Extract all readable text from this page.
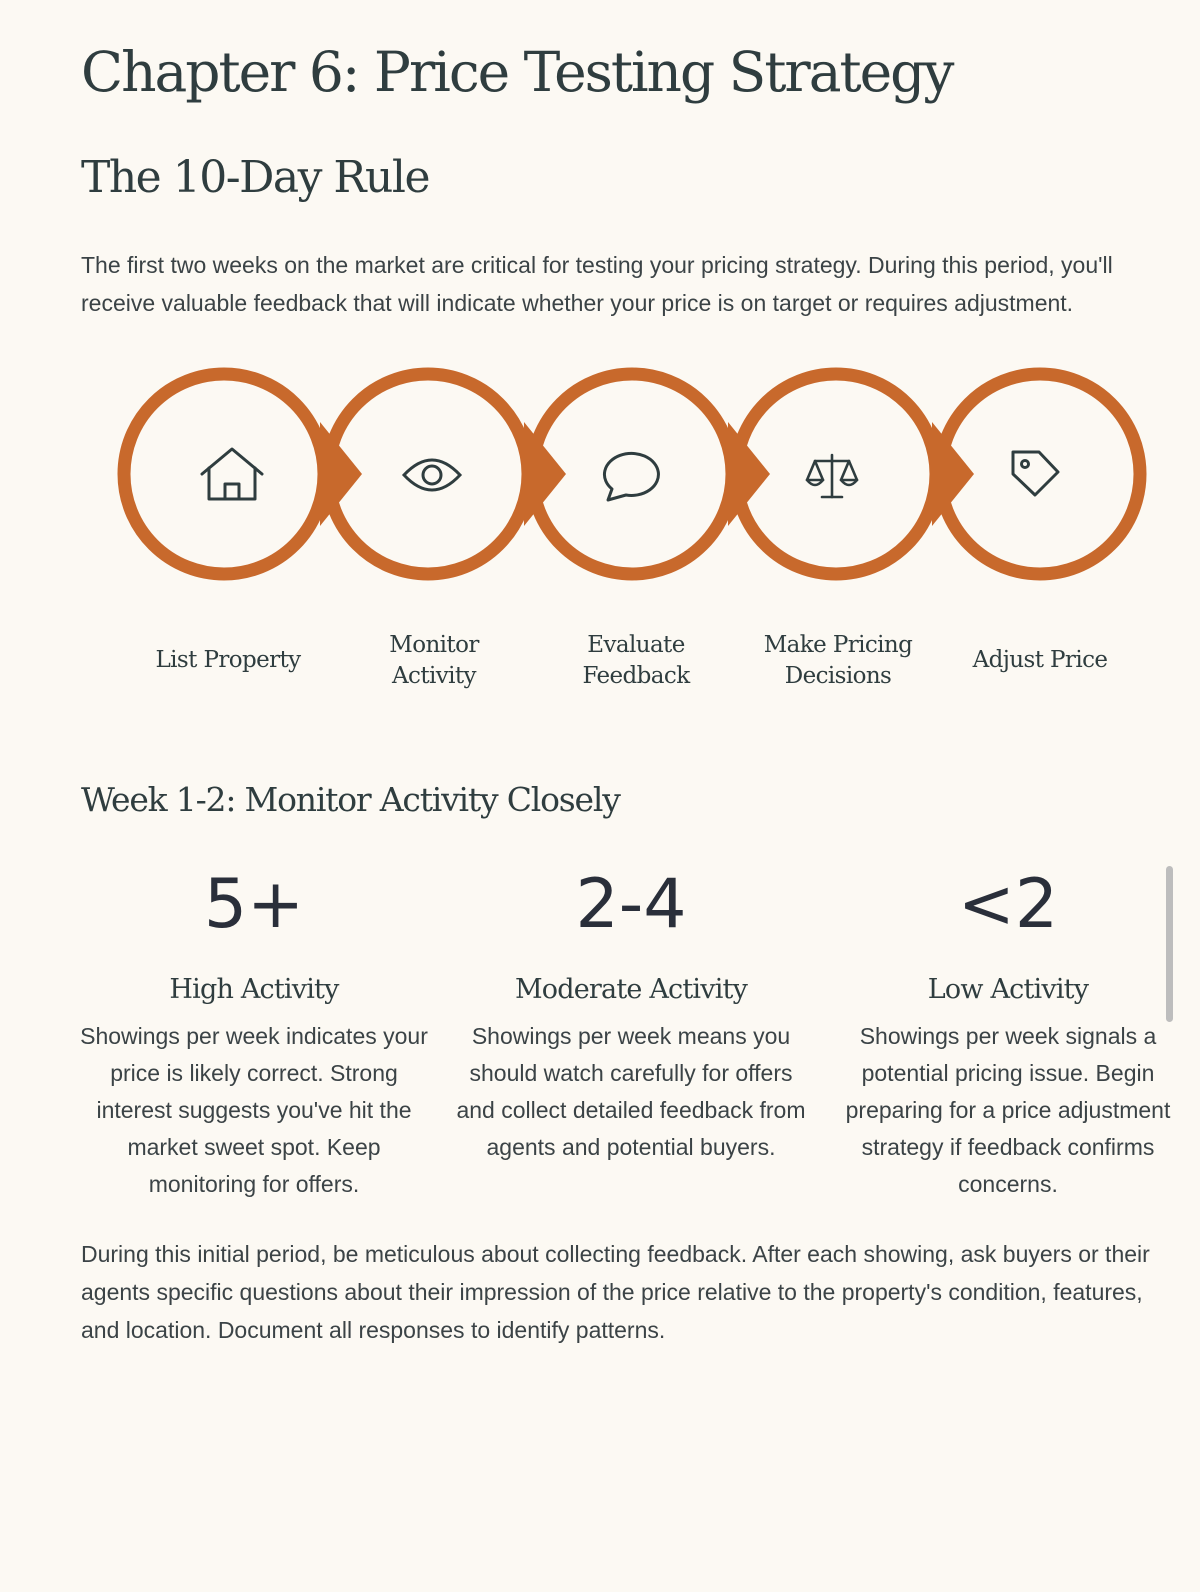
Chapter 6: Price Testing Strategy
The 10-Day Rule

The first two weeks on the market are critical for testing your pricing strategy. During this period, you'll receive valuable feedback that will indicate whether your price is on target or requires adjustment.

List Property
Monitor Activity
Evaluate Feedback
Make Pricing Decisions
Adjust Price
Week 1-2: Monitor Activity Closely
5+
High Activity
Showings per week indicates your price is likely correct. Strong interest suggests you've hit the market sweet spot. Keep monitoring for offers.
2-4
Moderate Activity
Showings per week means you should watch carefully for offers and collect detailed feedback from agents and potential buyers.
<2
Low Activity
Showings per week signals a potential pricing issue. Begin preparing for a price adjustment strategy if feedback confirms concerns.

During this initial period, be meticulous about collecting feedback. After each showing, ask buyers or their agents specific questions about their impression of the price relative to the property's condition, features, and location. Document all responses to identify patterns.
